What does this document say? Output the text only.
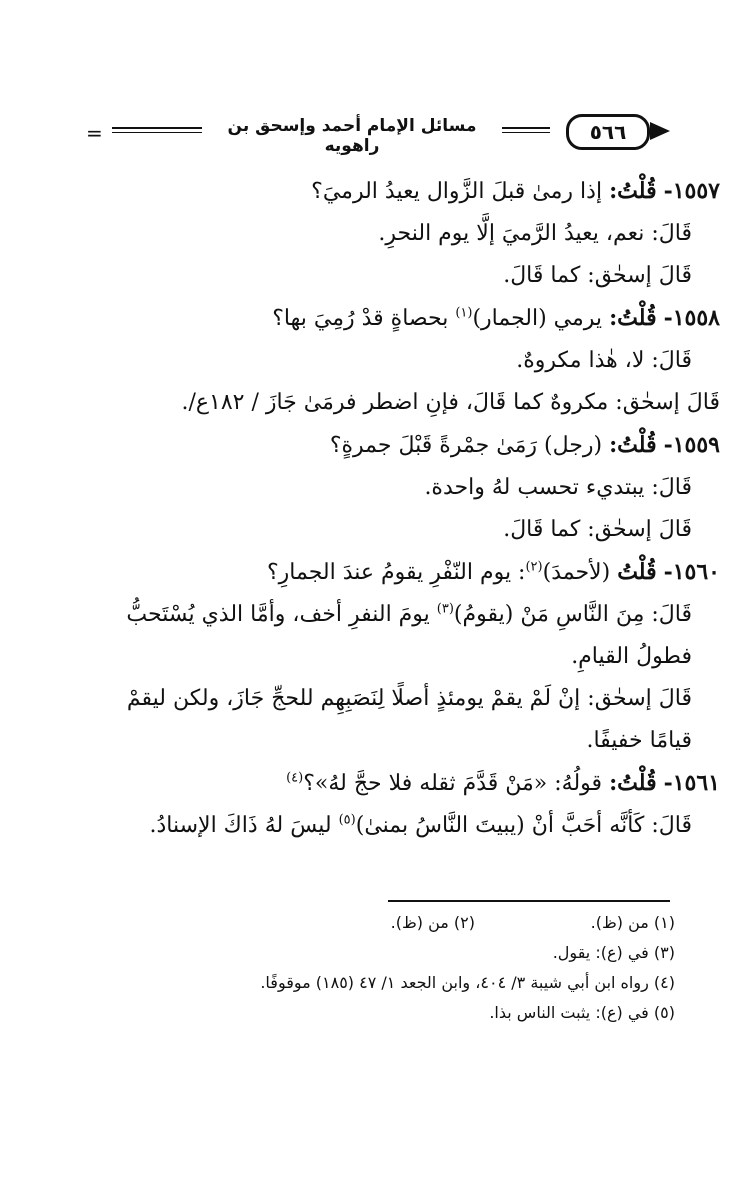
=	مسائل الإمام أحمد وإسحق بن راهويه
٥٦٦

١٥٥٧- قُلْتُ: إذا رمىٰ قبلَ الزَّوال يعيدُ الرميَ؟

قَالَ: نعم، يعيدُ الرَّميَ إلَّا يوم النحرِ.

قَالَ إسحٰق: كما قَالَ.

١٥٥٨- قُلْتُ: يرمي (الجمار)$^{(١)}$ بحصاةٍ قدْ رُمِيَ بها؟

قَالَ: لا، هٰذا مكروهٌ.

قَالَ إسحٰق: مكروهٌ كما قَالَ، فإنِ اضطر فرمَىٰ جَازَ / ١٨٢ع/.

١٥٥٩- قُلْتُ: (رجل) رَمَىٰ جمْرةً قَبْلَ جمرةٍ؟

قَالَ: يبتديء تحسب لهُ واحدة.

قَالَ إسحٰق: كما قَالَ.

١٥٦٠- قُلْتُ (لأحمدَ)$^{(٢)}$: يوم النّفْرِ يقومُ عندَ الجمارِ؟

قَالَ: مِنَ النَّاسِ مَنْ (يقومُ)$^{(٣)}$ يومَ النفرِ أخف، وأمَّا الذي يُسْتَحبُّ فطولُ القيامِ.

قَالَ إسحٰق: إنْ لَمْ يقمْ يومئذٍ أصلًا لِنَصَبِهِم للحجِّ جَازَ، ولكن ليقمْ قيامًا خفيفًا.

١٥٦١- قُلْتُ: قولُهُ: «مَنْ قَدَّمَ ثقله فلا حجَّ لهُ»؟$^{(٤)}$

قَالَ: كَأنَّه أحَبَّ أنْ (يبيتَ النَّاسُ بمنىٰ)$^{(٥)}$ ليسَ لهُ ذَاكَ الإسنادُ.

(١) من (ظ).
(٢) من (ظ).

(٣) في (ع): يقول.

(٤) رواه ابن أبي شيبة ٣/ ٤٠٤، وابن الجعد ١/ ٤٧ (١٨٥) موقوفًا.

(٥) في (ع): يثبت الناس بذا.
